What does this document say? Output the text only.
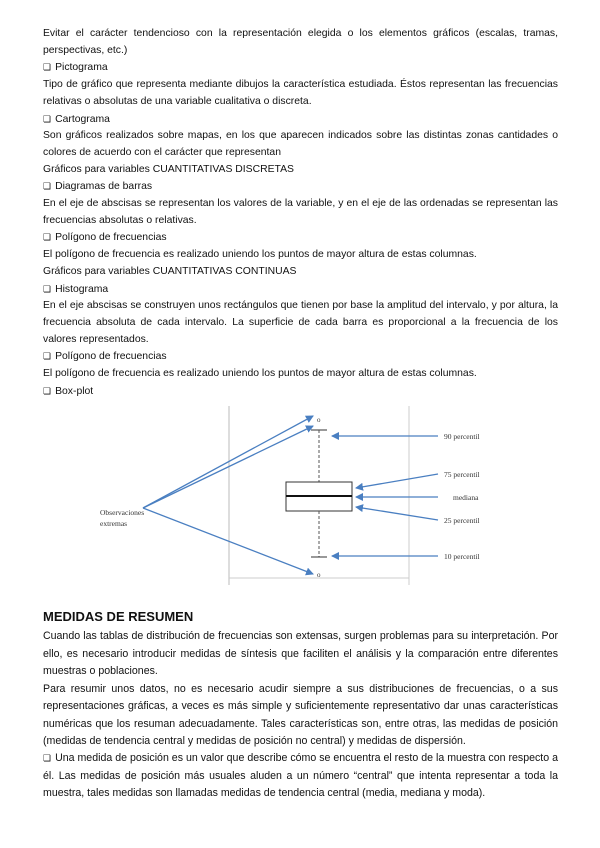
Evitar el carácter tendencioso con la representación elegida o los elementos gráficos (escalas, tramas, perspectivas, etc.)

❏ Pictograma

Tipo de gráfico que representa mediante dibujos la característica estudiada. Éstos representan las frecuencias relativas o absolutas de una variable cualitativa o discreta.

❏ Cartograma

Son gráficos realizados sobre mapas, en los que aparecen indicados sobre las distintas zonas cantidades o colores de acuerdo con el carácter que representan

Gráficos para variables CUANTITATIVAS DISCRETAS

❏ Diagramas de barras

En el eje de abscisas se representan los valores de la variable, y en el eje de las ordenadas se representan las frecuencias absolutas o relativas.

❏ Polígono de frecuencias

El polígono de frecuencia es realizado uniendo los puntos de mayor altura de estas columnas.

Gráficos para variables CUANTITATIVAS CONTINUAS

❏ Histograma

En el eje abscisas se construyen unos rectángulos que tienen por base la amplitud del intervalo, y por altura, la frecuencia absoluta de cada intervalo. La superficie de cada barra es proporcional a la frecuencia de los valores representados.

❏ Polígono de frecuencias

El polígono de frecuencia es realizado uniendo los puntos de mayor altura de estas columnas.

❏ Box-plot

o
o
Observaciones
extremas
90 percentil
75 percentil
mediana
25 percentil
10 percentil
MEDIDAS DE RESUMEN

Cuando las tablas de distribución de frecuencias son extensas, surgen problemas para su interpretación. Por ello, es necesario introducir medidas de síntesis que faciliten el análisis y la comparación entre diferentes muestras o poblaciones.

Para resumir unos datos, no es necesario acudir siempre a sus distribuciones de frecuencias, o a sus representaciones gráficas, a veces es más simple y suficientemente representativo dar unas características numéricas que los resuman adecuadamente. Tales características son, entre otras, las medidas de posición (medidas de tendencia central y medidas de posición no central) y medidas de dispersión.

❏ Una medida de posición es un valor que describe cómo se encuentra el resto de la muestra con respecto a él. Las medidas de posición más usuales aluden a un número “central” que intenta representar a toda la muestra, tales medidas son llamadas medidas de tendencia central (media, mediana y moda).
